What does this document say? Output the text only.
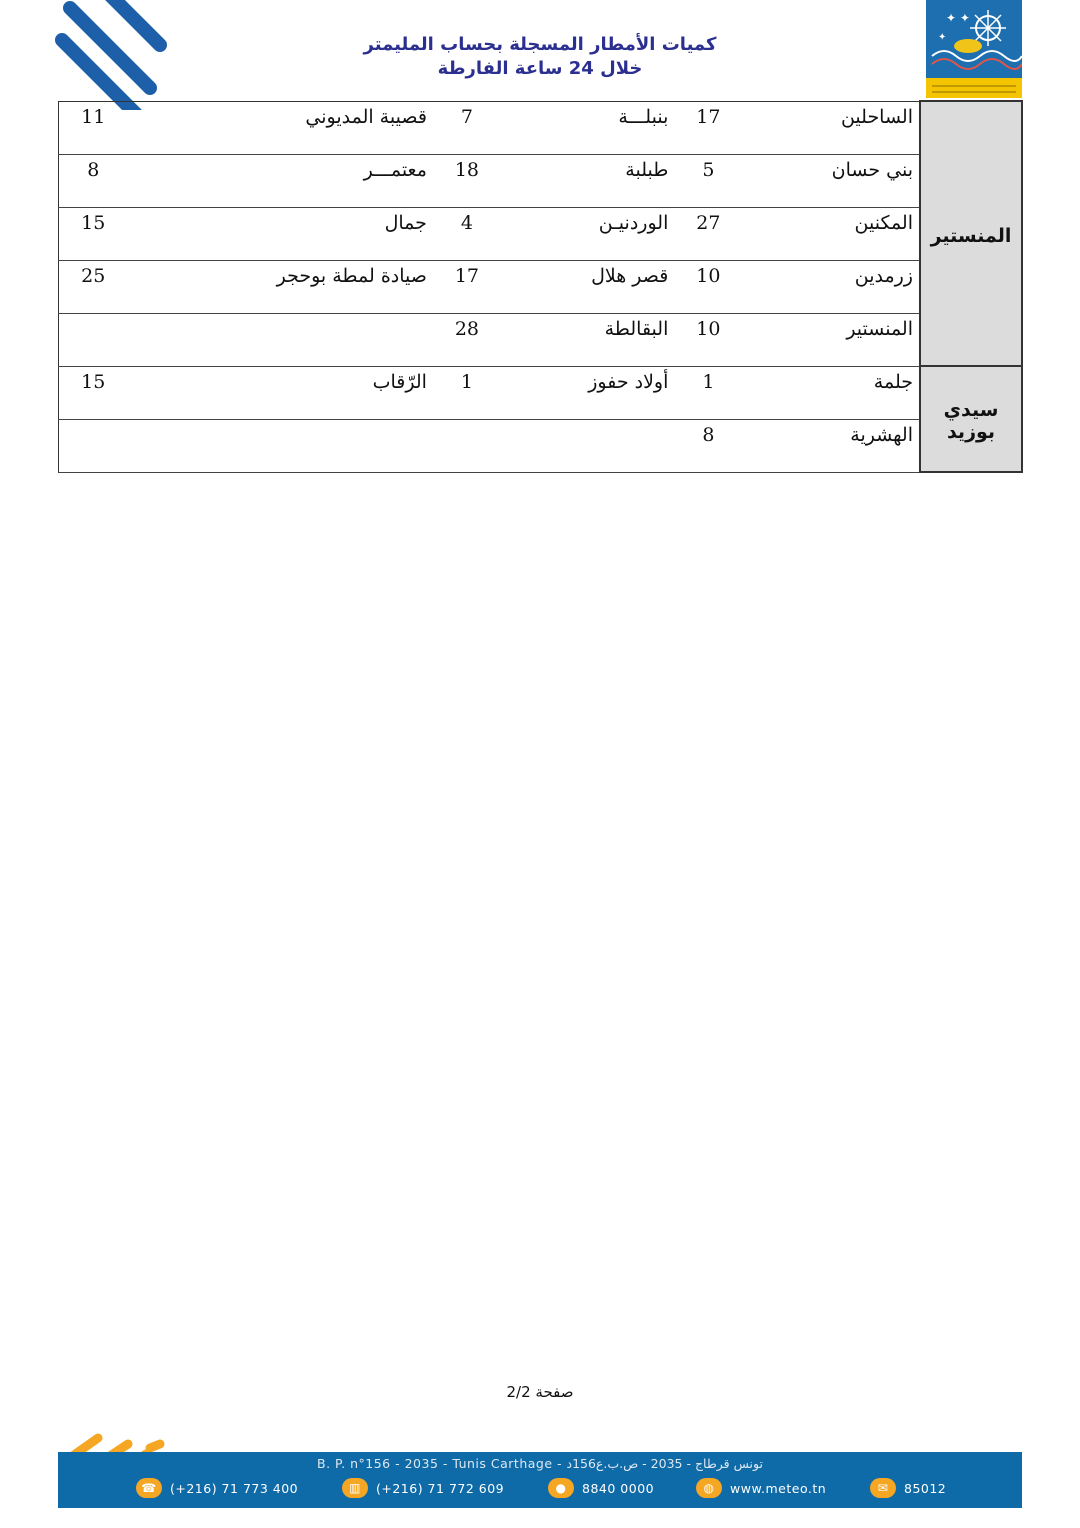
كميات الأمطار المسجلة بحساب المليمتر
خلال 24 ساعة الفارطة
✦ ✦
✦
11	قصيبة المديوني	7	بنبلـــة	17	الساحلين	المنستير
8	معتمـــر	18	طبلبة	5	بني حسان	
15	جمال	4	الوردنيـن	27	المكنين	
25	صيادة لمطة بوحجر	17	قصر هلال	10	زرمدين	
		28	البقالطة	10	المنستير	
15	الرّقاب	1	أولاد حفوز	1	جلمة	سيدي بوزيد
				8	الهشرية	
صفحة 2/2
B. P. n°156 - 2035 - Tunis Carthage - تونس قرطاج - 2035 - ص.ب.ع156د
☎	(+216) 71 773 400	▥	(+216) 71 772 609	●	8840 0000	◍	www.meteo.tn	✉	85012
